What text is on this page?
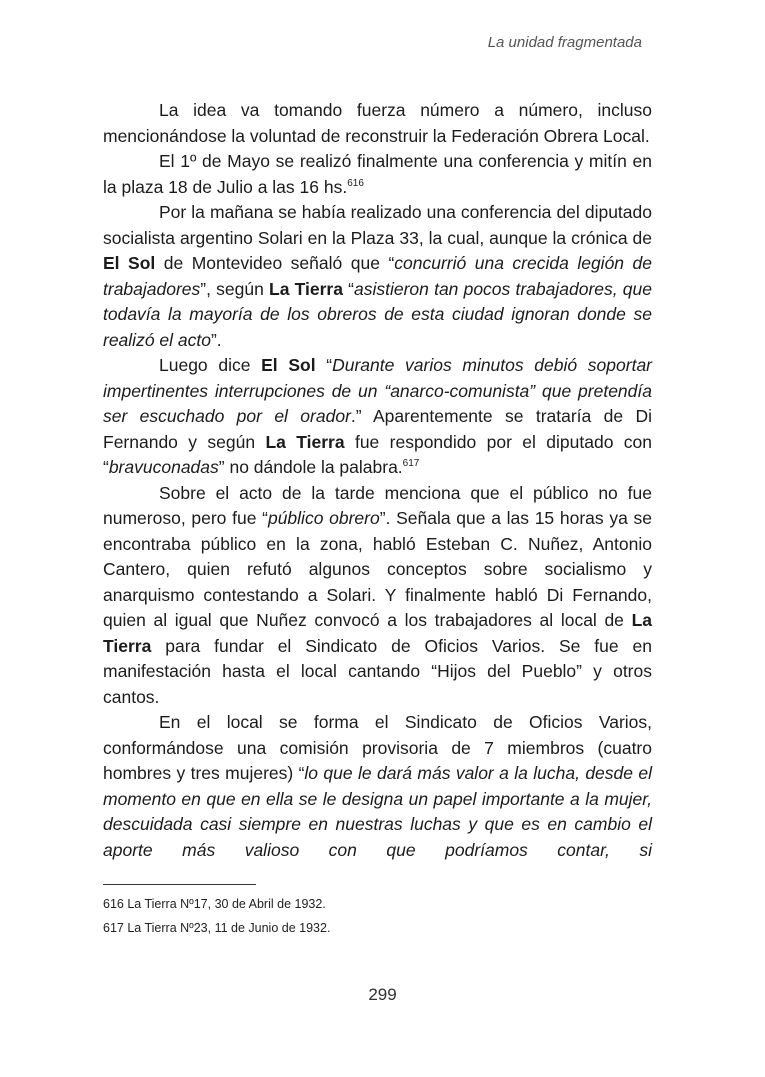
La unidad fragmentada

La idea va tomando fuerza número a número, incluso mencionándose la voluntad de reconstruir la Federación Obrera Local.

El 1º de Mayo se realizó finalmente una conferencia y mitín en la plaza 18 de Julio a las 16 hs.$^{616}$

Por la mañana se había realizado una conferencia del diputado socialista argentino Solari en la Plaza 33, la cual, aunque la crónica de El Sol de Montevideo señaló que “concurrió una crecida legión de trabajadores”, según La Tierra “asistieron tan pocos trabajadores, que todavía la mayoría de los obreros de esta ciudad ignoran donde se realizó el acto”.

Luego dice El Sol “Durante varios minutos debió soportar impertinentes interrupciones de un “anarco-comunista” que pretendía ser escuchado por el orador.” Aparentemente se trataría de Di Fernando y según La Tierra fue respondido por el diputado con “bravuconadas” no dándole la palabra.$^{617}$

Sobre el acto de la tarde menciona que el público no fue numeroso, pero fue “público obrero”. Señala que a las 15 horas ya se encontraba público en la zona, habló Esteban C. Nuñez, Antonio Cantero, quien refutó algunos conceptos sobre socialismo y anarquismo contestando a Solari. Y finalmente habló Di Fernando, quien al igual que Nuñez convocó a los trabajadores al local de La Tierra para fundar el Sindicato de Oficios Varios. Se fue en manifestación hasta el local cantando “Hijos del Pueblo” y otros cantos.

En el local se forma el Sindicato de Oficios Varios, conformándose una comisión provisoria de 7 miembros (cuatro hombres y tres mujeres) “lo que le dará más valor a la lucha, desde el momento en que en ella se le designa un papel importante a la mujer, descuidada casi siempre en nuestras luchas y que es en cambio el aporte más valioso con que podríamos contar, si

616 La Tierra Nº17, 30 de Abril de 1932.
617 La Tierra Nº23, 11 de Junio de 1932.
299
